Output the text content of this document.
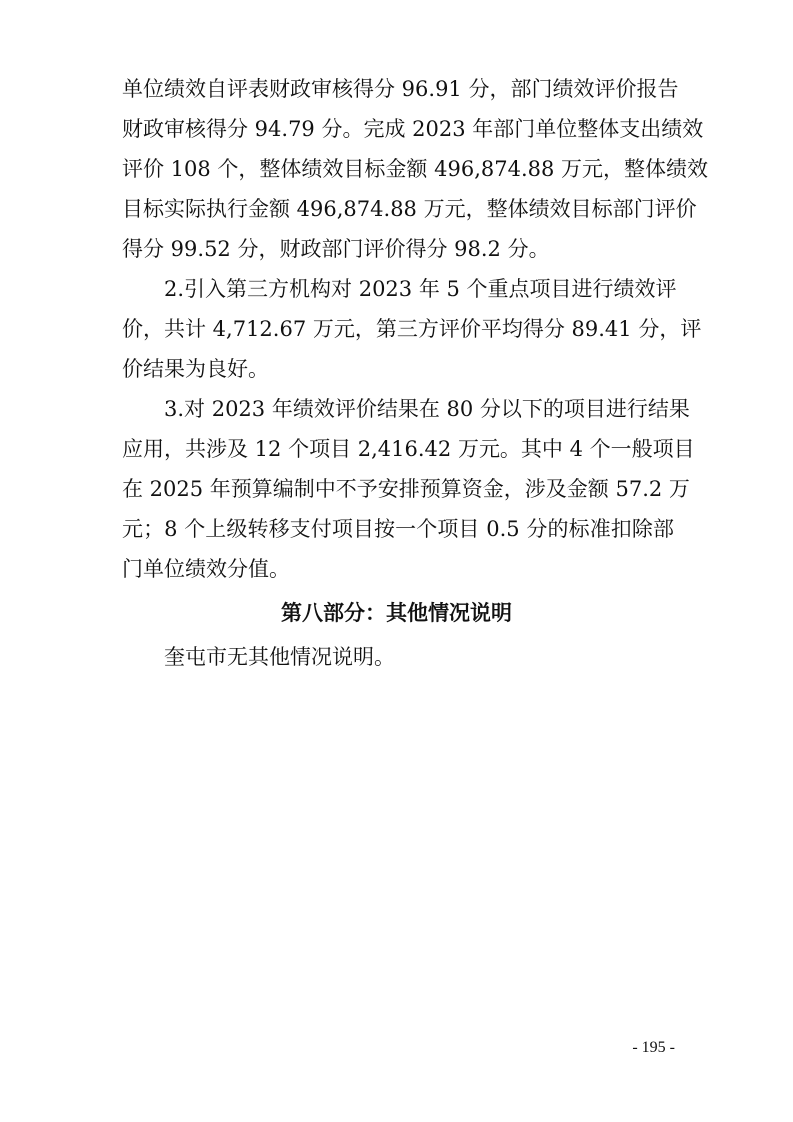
单位绩效自评表财政审核得分 96.91 分，部门绩效评价报告
财政审核得分 94.79 分。完成 2023 年部门单位整体支出绩效
评价 108 个，整体绩效目标金额 496,874.88 万元，整体绩效
目标实际执行金额 496,874.88 万元，整体绩效目标部门评价
得分 99.52 分，财政部门评价得分 98.2 分。
2.引入第三方机构对 2023 年 5 个重点项目进行绩效评
价，共计 4,712.67 万元，第三方评价平均得分 89.41 分，评
价结果为良好。
3.对 2023 年绩效评价结果在 80 分以下的项目进行结果
应用，共涉及 12 个项目 2,416.42 万元。其中 4 个一般项目
在 2025 年预算编制中不予安排预算资金，涉及金额 57.2 万
元；8 个上级转移支付项目按一个项目 0.5 分的标准扣除部
门单位绩效分值。
第八部分：其他情况说明
奎屯市无其他情况说明。
- 195 -
